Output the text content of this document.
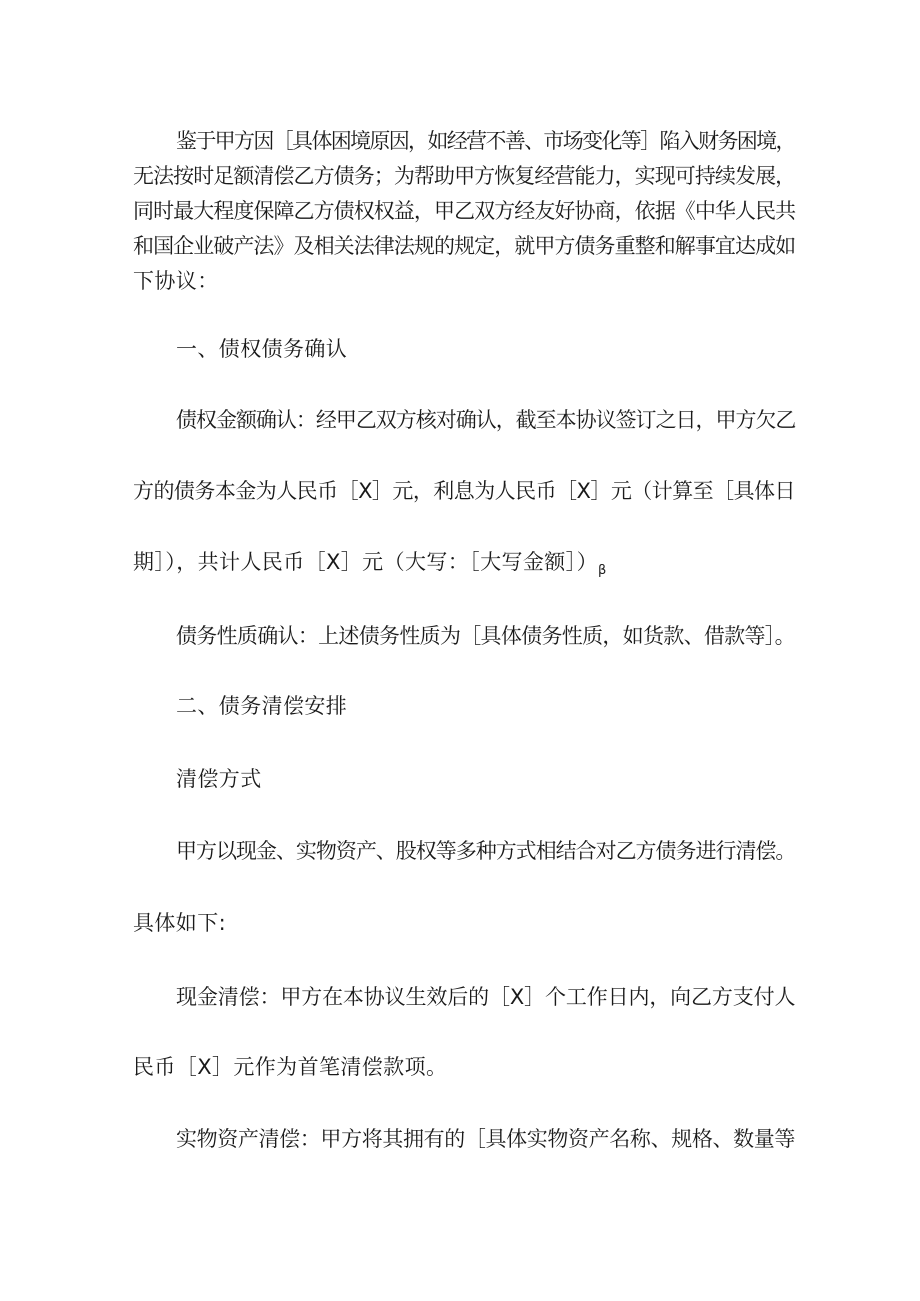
鉴于甲方因［具体困境原因，如经营不善、市场变化等］陷入财务困境，
无法按时足额清偿乙方债务；为帮助甲方恢复经营能力，实现可持续发展，
同时最大程度保障乙方债权权益，甲乙双方经友好协商，依据《中华人民共
和国企业破产法》及相关法律法规的规定，就甲方债务重整和解事宜达成如
下协议：
一、债权债务确认
债权金额确认：经甲乙双方核对确认，截至本协议签订之日，甲方欠乙
方的债务本金为人民币［X］元，利息为人民币［X］元（计算至［具体日
期］），共计人民币［X］元（大写：［大写金额$])_\beta$
债务性质确认：上述债务性质为［具体债务性质，如货款、借款等］。
二、债务清偿安排
清偿方式
甲方以现金、实物资产、股权等多种方式相结合对乙方债务进行清偿。
具体如下:
现金清偿：甲方在本协议生效后的［X］个工作日内，向乙方支付人
民币［X］元作为首笔清偿款项。
实物资产清偿：甲方将其拥有的［具体实物资产名称、规格、数量等
